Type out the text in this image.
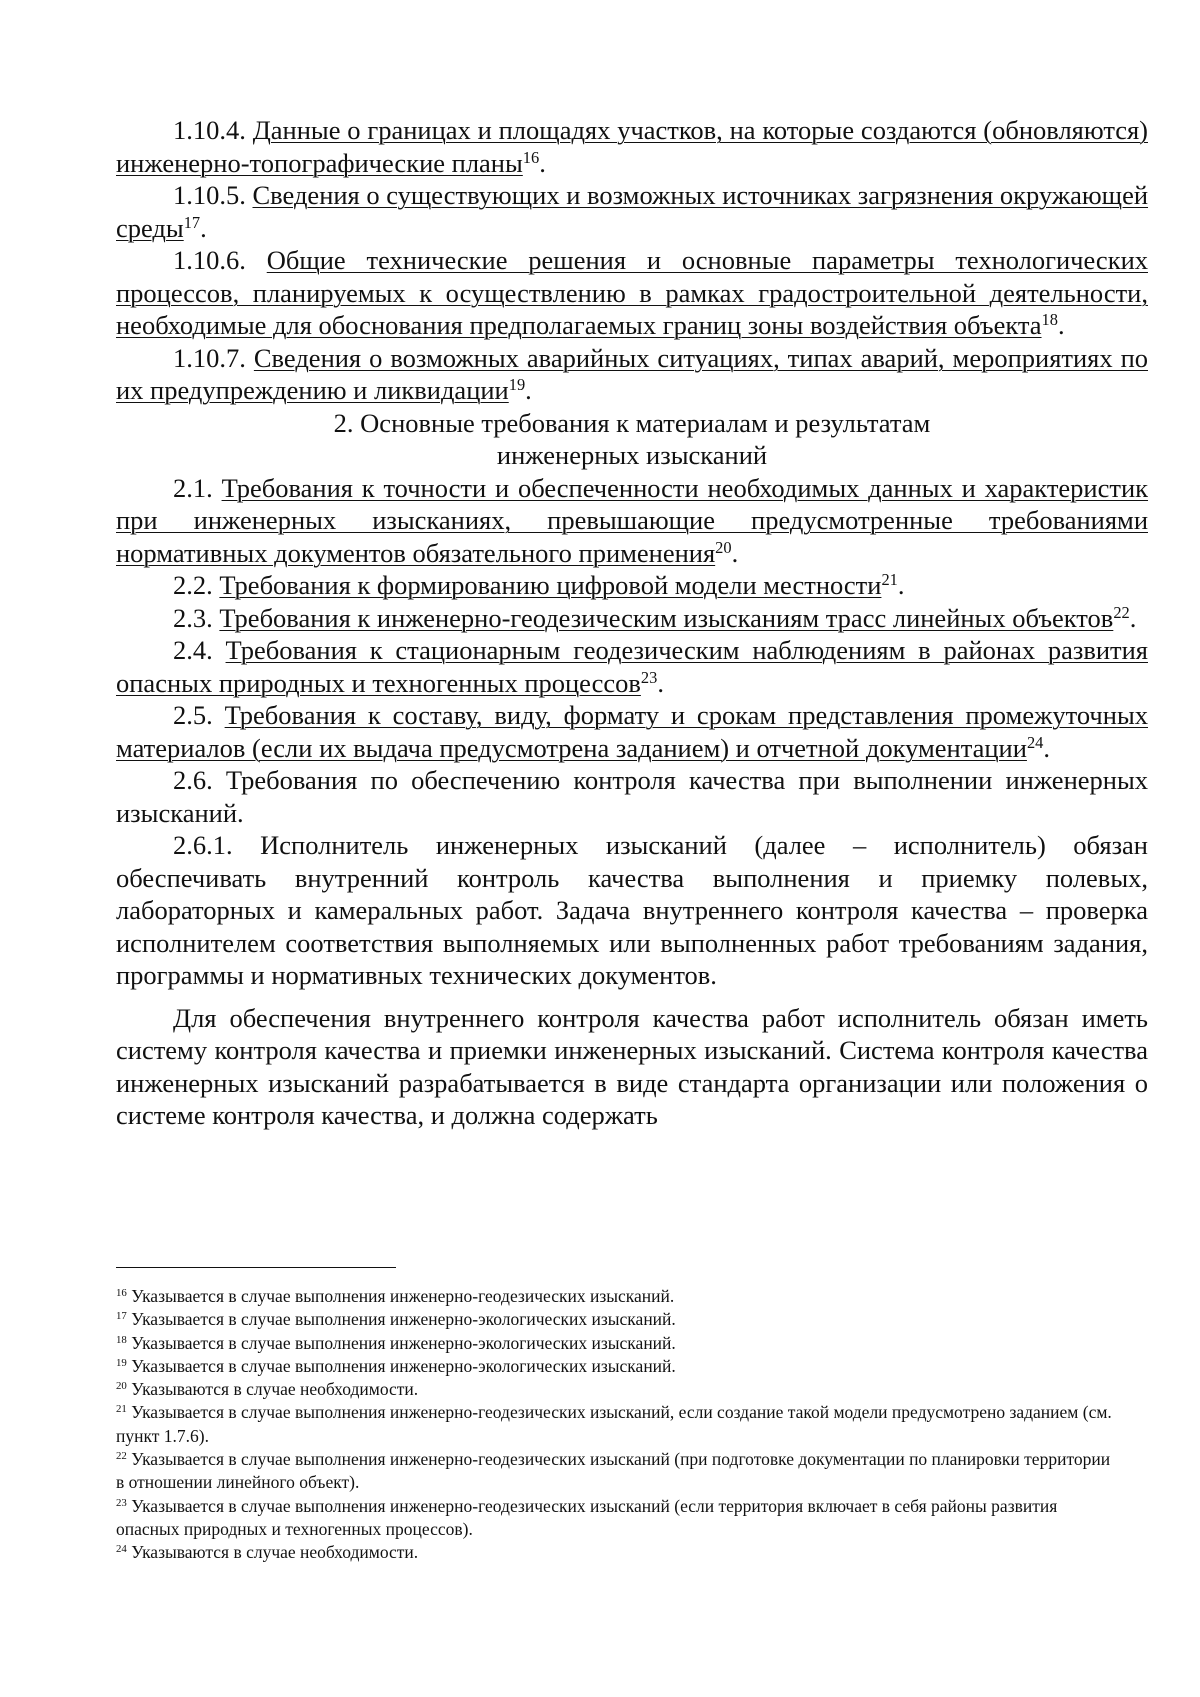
1.10.4. Данные о границах и площадях участков, на которые создаются (обновляются) инженерно-топографические планы$^{16}$.

1.10.5. Сведения о существующих и возможных источниках загрязнения окружающей среды$^{17}$.

1.10.6. Общие технические решения и основные параметры технологических процессов, планируемых к осуществлению в рамках градостроительной деятельности, необходимые для обоснования предполагаемых границ зоны воздействия объекта$^{18}$.

1.10.7. Сведения о возможных аварийных ситуациях, типах аварий, мероприятиях по их предупреждению и ликвидации$^{19}$.

2. Основные требования к материалам и результатам

инженерных изысканий

2.1. Требования к точности и обеспеченности необходимых данных и характеристик при инженерных изысканиях, превышающие предусмотренные требованиями нормативных документов обязательного применения$^{20}$.

2.2. Требования к формированию цифровой модели местности$^{21}$.

2.3. Требования к инженерно-геодезическим изысканиям трасс линейных объектов$^{22}$.

2.4. Требования к стационарным геодезическим наблюдениям в районах развития опасных природных и техногенных процессов$^{23}$.

2.5. Требования к составу, виду, формату и срокам представления промежуточных материалов (если их выдача предусмотрена заданием) и отчетной документации$^{24}$.

2.6. Требования по обеспечению контроля качества при выполнении инженерных изысканий.

2.6.1. Исполнитель инженерных изысканий (далее – исполнитель) обязан обеспечивать внутренний контроль качества выполнения и приемку полевых, лабораторных и камеральных работ. Задача внутреннего контроля качества – проверка исполнителем соответствия выполняемых или выполненных работ требованиям задания, программы и нормативных технических документов.

Для обеспечения внутреннего контроля качества работ исполнитель обязан иметь систему контроля качества и приемки инженерных изысканий. Система контроля качества инженерных изысканий разрабатывается в виде стандарта организации или положения о системе контроля качества, и должна содержать

$^{16}$ Указывается в случае выполнения инженерно-геодезических изысканий.

$^{17}$ Указывается в случае выполнения инженерно-экологических изысканий.

$^{18}$ Указывается в случае выполнения инженерно-экологических изысканий.

$^{19}$ Указывается в случае выполнения инженерно-экологических изысканий.

$^{20}$ Указываются в случае необходимости.

$^{21}$ Указывается в случае выполнения инженерно-геодезических изысканий, если создание такой модели предусмотрено заданием (см. пункт 1.7.6).

$^{22}$ Указывается в случае выполнения инженерно-геодезических изысканий (при подготовке документации по планировки территории в отношении линейного объект).

$^{23}$ Указывается в случае выполнения инженерно-геодезических изысканий (если территория включает в себя районы развития опасных природных и техногенных процессов).

$^{24}$ Указываются в случае необходимости.
